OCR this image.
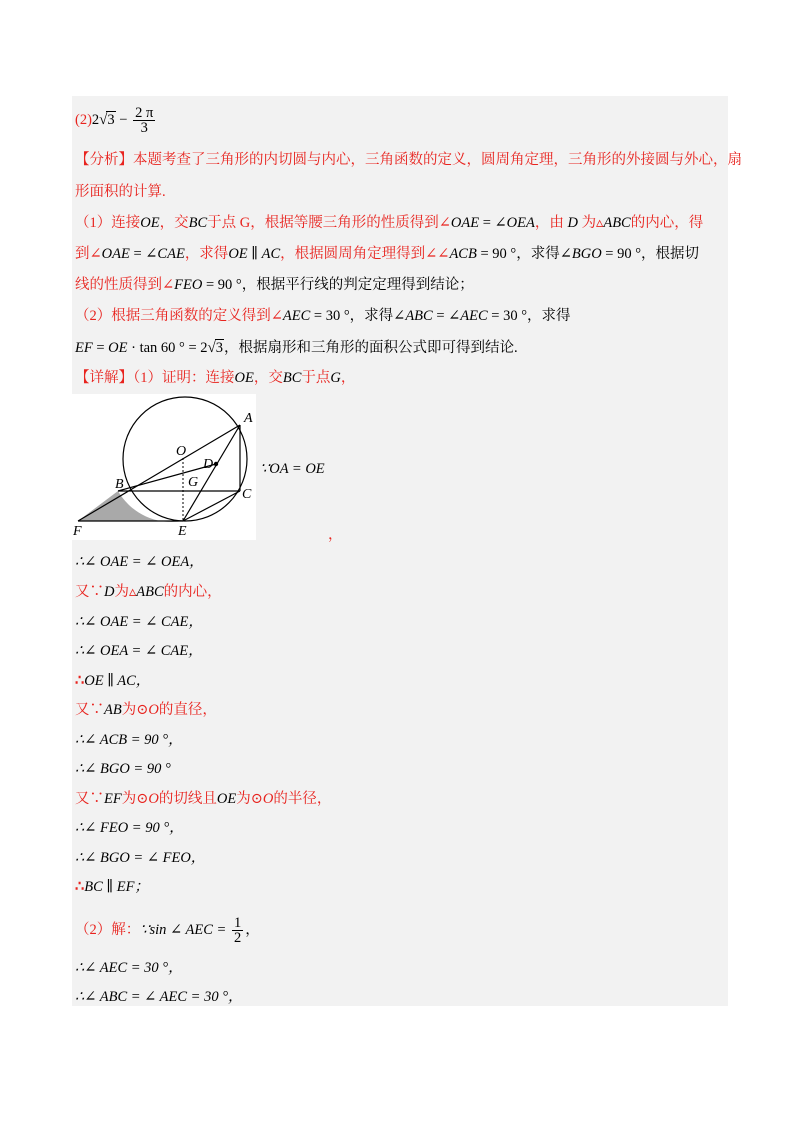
$(2)2√3 - \frac{2 \pi}{3}$
【分析】本题考查了三角形的内切圆与内心，三角函数的定义，圆周角定理，三角形的外接圆与外心，扇
形面积的计算.
（1）连接OE，交BC于点 G，根据等腰三角形的性质得到∠OAE = ∠OEA，由 D 为▵ABC的内心，得
到∠OAE = ∠CAE，求得OE ∥ AC，根据圆周角定理得到∠∠ACB = 90 °，求得∠BGO = 90 °，根据切
线的性质得到∠FEO = 90 °，根据平行线的判定定理得到结论；
（2）根据三角函数的定义得到∠AEC = 30 °，求得∠ABC = ∠AEC = 30 °，求得
EF = OE · tan 60 ° = 2√3，根据扇形和三角形的面积公式即可得到结论.
【详解】（1）证明：连接OE，交BC于点G，
A
O
D
B	G
C
F	E
∵OA = OE
，
∴∠ OAE = ∠ OEA，
又∵D为▵ABC的内心，
∴∠ OAE = ∠ CAE，
∴∠ OEA = ∠ CAE，
∴OE ∥ AC，
又∵AB为⊙O的直径，
∴∠ ACB = 90 °，
∴∠ BGO = 90 °
又∵EF为⊙O的切线且OE为⊙O的半径，
∴∠ FEO = 90 °，
∴∠ BGO = ∠ FEO，
∴BC ∥ EF；
（2）解：∵sin ∠ AEC = $\frac{1}{2}$ ，
∴∠ AEC = 30 °，
∴∠ ABC = ∠ AEC = 30 °，
